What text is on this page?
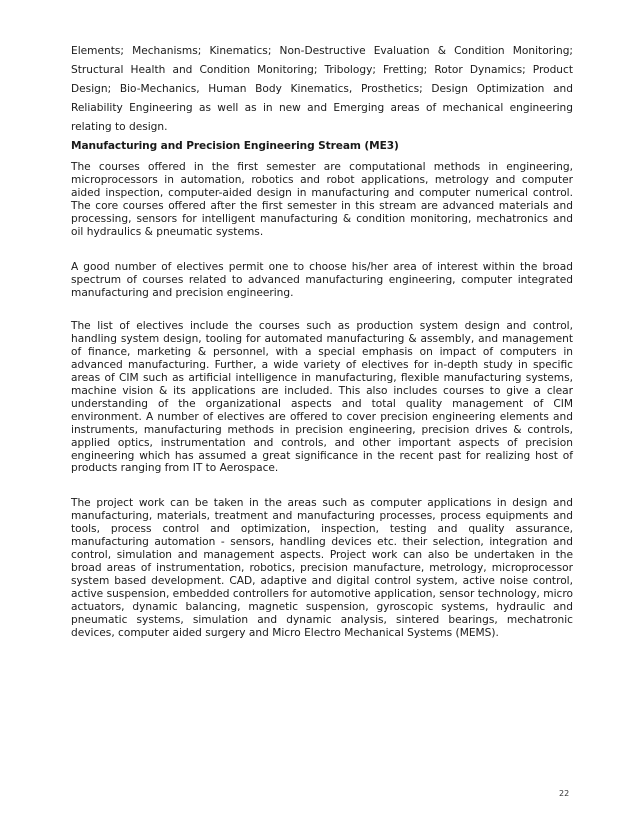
Elements; Mechanisms; Kinematics; Non-Destructive Evaluation & Condition Monitoring; Structural Health and Condition Monitoring; Tribology; Fretting; Rotor Dynamics; Product Design; Bio-Mechanics, Human Body Kinematics, Prosthetics; Design Optimization and Reliability Engineering as well as in new and Emerging areas of mechanical engineering relating to design.

Manufacturing and Precision Engineering Stream (ME3)

The courses offered in the first semester are computational methods in engineering, microprocessors in automation, robotics and robot applications, metrology and computer aided inspection, computer-aided design in manufacturing and computer numerical control. The core courses offered after the first semester in this stream are advanced materials and processing, sensors for intelligent manufacturing & condition monitoring, mechatronics and oil hydraulics & pneumatic systems.

A good number of electives permit one to choose his/her area of interest within the broad spectrum of courses related to advanced manufacturing engineering, computer integrated manufacturing and precision engineering.

The list of electives include the courses such as production system design and control, handling system design, tooling for automated manufacturing & assembly, and management of finance, marketing & personnel, with a special emphasis on impact of computers in advanced manufacturing. Further, a wide variety of electives for in-depth study in specific areas of CIM such as artificial intelligence in manufacturing, flexible manufacturing systems, machine vision & its applications are included. This also includes courses to give a clear understanding of the organizational aspects and total quality management of CIM environment. A number of electives are offered to cover precision engineering elements and instruments, manufacturing methods in precision engineering, precision drives & controls, applied optics, instrumentation and controls, and other important aspects of precision engineering which has assumed a great significance in the recent past for realizing host of products ranging from IT to Aerospace.

The project work can be taken in the areas such as computer applications in design and manufacturing, materials, treatment and manufacturing processes, process equipments and tools, process control and optimization, inspection, testing and quality assurance, manufacturing automation - sensors, handling devices etc. their selection, integration and control, simulation and management aspects. Project work can also be undertaken in the broad areas of instrumentation, robotics, precision manufacture, metrology, microprocessor system based development. CAD, adaptive and digital control system, active noise control, active suspension, embedded controllers for automotive application, sensor technology, micro actuators, dynamic balancing, magnetic suspension, gyroscopic systems, hydraulic and pneumatic systems, simulation and dynamic analysis, sintered bearings, mechatronic devices, computer aided surgery and Micro Electro Mechanical Systems (MEMS).

22
